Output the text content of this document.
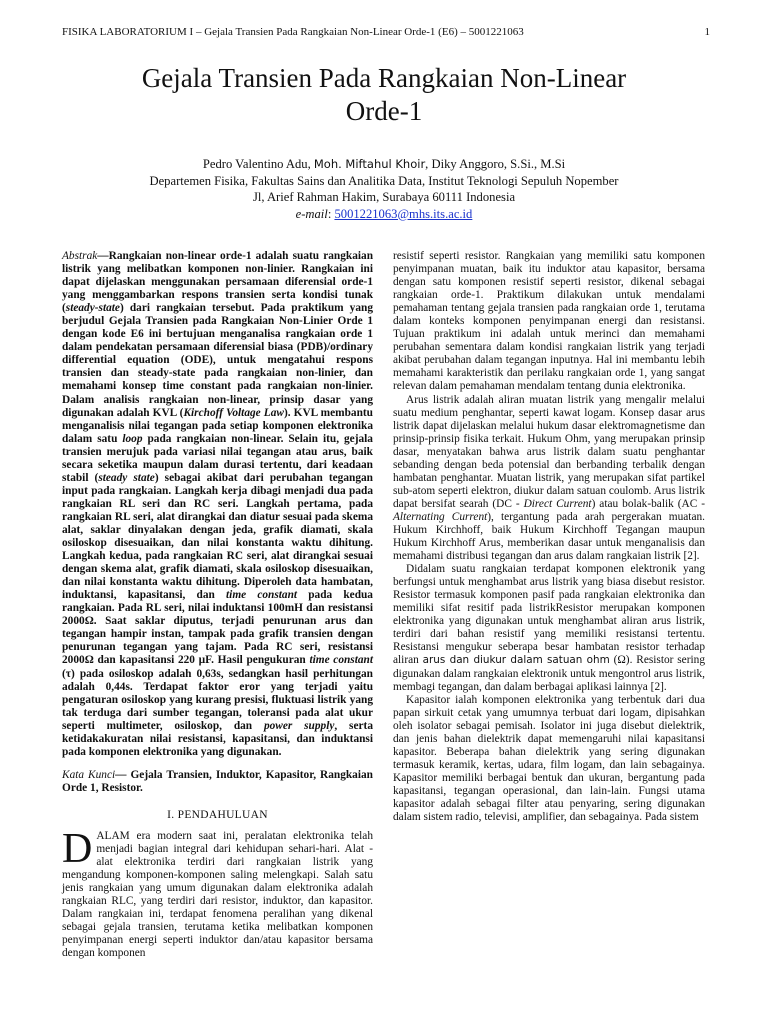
FISIKA LABORATORIUM I – Gejala Transien Pada Rangkaian Non-Linear Orde-1 (E6) – 5001221063	1
Gejala Transien Pada Rangkaian Non-Linear
Orde-1
Pedro Valentino Adu, Moh. Miftahul Khoir, Diky Anggoro, S.Si., M.Si
Departemen Fisika, Fakultas Sains dan Analitika Data, Institut Teknologi Sepuluh Nopember
Jl, Arief Rahman Hakim, Surabaya 60111 Indonesia
e-mail: 5001221063@mhs.its.ac.id

Abstrak—Rangkaian non-linear orde-1 adalah suatu rangkaian listrik yang melibatkan komponen non-linier. Rangkaian ini dapat dijelaskan menggunakan persamaan diferensial orde-1 yang menggambarkan respons transien serta kondisi tunak (steady-state) dari rangkaian tersebut. Pada praktikum yang berjudul Gejala Transien pada Rangkaian Non-Linier Orde 1 dengan kode E6 ini bertujuan menganalisa rangkaian orde 1 dalam pendekatan persamaan diferensial biasa (PDB)/ordinary differential equation (ODE), untuk mengatahui respons transien dan steady-state pada rangkaian non-linier, dan memahami konsep time constant pada rangkaian non-linier. Dalam analisis rangkaian non-linear, prinsip dasar yang digunakan adalah KVL (Kirchoff Voltage Law). KVL membantu menganalisis nilai tegangan pada setiap komponen elektronika dalam satu loop pada rangkaian non-linear. Selain itu, gejala transien merujuk pada variasi nilai tegangan atau arus, baik secara seketika maupun dalam durasi tertentu, dari keadaan stabil (steady state) sebagai akibat dari perubahan tegangan input pada rangkaian. Langkah kerja dibagi menjadi dua pada rangkaian RL seri dan RC seri. Langkah pertama, pada rangkaian RL seri, alat dirangkai dan diatur sesuai pada skema alat, saklar dinyalakan dengan jeda, grafik diamati, skala osiloskop disesuaikan, dan nilai konstanta waktu dihitung. Langkah kedua, pada rangkaian RC seri, alat dirangkai sesuai dengan skema alat, grafik diamati, skala osiloskop disesuaikan, dan nilai konstanta waktu dihitung. Diperoleh data hambatan, induktansi, kapasitansi, dan time constant pada kedua rangkaian. Pada RL seri, nilai induktansi 100mH dan resistansi 2000Ω. Saat saklar diputus, terjadi penurunan arus dan tegangan hampir instan, tampak pada grafik transien dengan penurunan tegangan yang tajam. Pada RC seri, resistansi 2000Ω dan kapasitansi 220 µF. Hasil pengukuran time constant (τ) pada osiloskop adalah 0,63s, sedangkan hasil perhitungan adalah 0,44s. Terdapat faktor eror yang terjadi yaitu pengaturan osiloskop yang kurang presisi, fluktuasi listrik yang tak terduga dari sumber tegangan, toleransi pada alat ukur seperti multimeter, osiloskop, dan power supply, serta ketidakakuratan nilai resistansi, kapasitansi, dan induktansi pada komponen elektronika yang digunakan.

Kata Kunci— Gejala Transien, Induktor, Kapasitor, Rangkaian Orde 1, Resistor.

I. PENDAHULUAN

DALAM era modern saat ini, peralatan elektronika telah menjadi bagian integral dari kehidupan sehari-hari. Alat - alat elektronika terdiri dari rangkaian listrik yang mengandung komponen-komponen saling melengkapi. Salah satu jenis rangkaian yang umum digunakan dalam elektronika adalah rangkaian RLC, yang terdiri dari resistor, induktor, dan kapasitor. Dalam rangkaian ini, terdapat fenomena peralihan yang dikenal sebagai gejala transien, terutama ketika melibatkan komponen penyimpanan energi seperti induktor dan/atau kapasitor bersama dengan komponen

resistif seperti resistor. Rangkaian yang memiliki satu komponen penyimpanan muatan, baik itu induktor atau kapasitor, bersama dengan satu komponen resistif seperti resistor, dikenal sebagai rangkaian orde-1. Praktikum dilakukan untuk mendalami pemahaman tentang gejala transien pada rangkaian orde 1, terutama dalam konteks komponen penyimpanan energi dan resistansi. Tujuan praktikum ini adalah untuk merinci dan memahami perubahan sementara dalam kondisi rangkaian listrik yang terjadi akibat perubahan dalam tegangan inputnya. Hal ini membantu lebih memahami karakteristik dan perilaku rangkaian orde 1, yang sangat relevan dalam pemahaman mendalam tentang dunia elektronika.

Arus listrik adalah aliran muatan listrik yang mengalir melalui suatu medium penghantar, seperti kawat logam. Konsep dasar arus listrik dapat dijelaskan melalui hukum dasar elektromagnetisme dan prinsip-prinsip fisika terkait. Hukum Ohm, yang merupakan prinsip dasar, menyatakan bahwa arus listrik dalam suatu penghantar sebanding dengan beda potensial dan berbanding terbalik dengan hambatan penghantar. Muatan listrik, yang merupakan sifat partikel sub-atom seperti elektron, diukur dalam satuan coulomb. Arus listrik dapat bersifat searah (DC - Direct Current) atau bolak-balik (AC - Alternating Current), tergantung pada arah pergerakan muatan. Hukum Kirchhoff, baik Hukum Kirchhoff Tegangan maupun Hukum Kirchhoff Arus, memberikan dasar untuk menganalisis dan memahami distribusi tegangan dan arus dalam rangkaian listrik [2].

Didalam suatu rangkaian terdapat komponen elektronik yang berfungsi untuk menghambat arus listrik yang biasa disebut resistor. Resistor termasuk komponen pasif pada rangkaian elektronika dan memiliki sifat resitif pada listrikResistor merupakan komponen elektronika yang digunakan untuk menghambat aliran arus listrik, terdiri dari bahan resistif yang memiliki resistansi tertentu. Resistansi mengukur seberapa besar hambatan resistor terhadap aliran arus dan diukur dalam satuan ohm (Ω). Resistor sering digunakan dalam rangkaian elektronik untuk mengontrol arus listrik, membagi tegangan, dan dalam berbagai aplikasi lainnya [2].

Kapasitor ialah komponen elektronika yang terbentuk dari dua papan sirkuit cetak yang umumnya terbuat dari logam, dipisahkan oleh isolator sebagai pemisah. Isolator ini juga disebut dielektrik, dan jenis bahan dielektrik dapat memengaruhi nilai kapasitansi kapasitor. Beberapa bahan dielektrik yang sering digunakan termasuk keramik, kertas, udara, film logam, dan lain sebagainya. Kapasitor memiliki berbagai bentuk dan ukuran, bergantung pada kapasitansi, tegangan operasional, dan lain-lain. Fungsi utama kapasitor adalah sebagai filter atau penyaring, sering digunakan dalam sistem radio, televisi, amplifier, dan sebagainya. Pada sistem
